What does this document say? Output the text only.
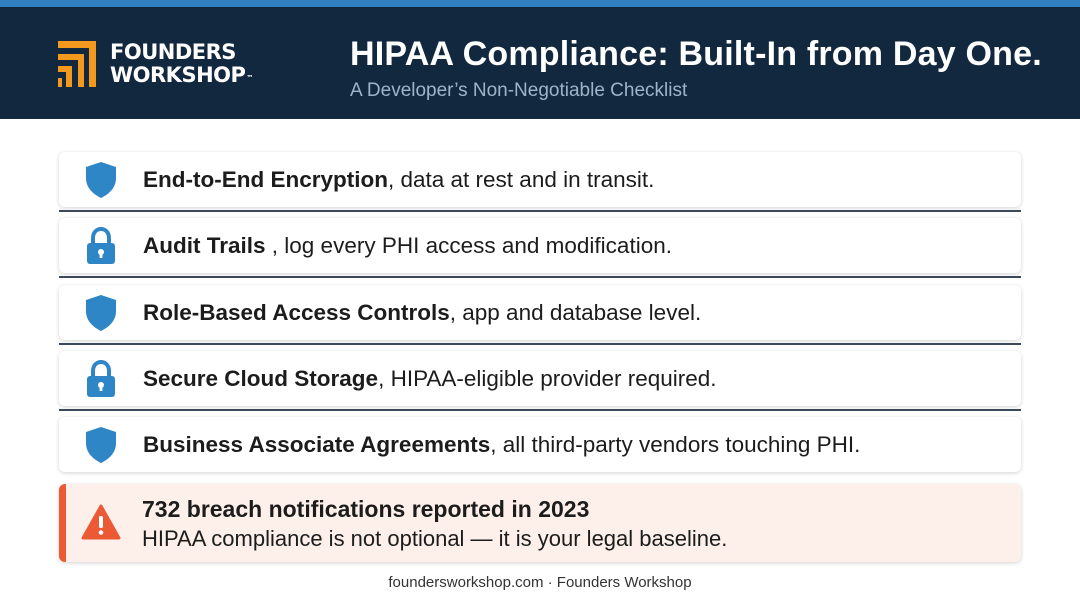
FOUNDERS
WORKSHOP™
HIPAA Compliance: Built-In from Day One.
A Developer’s Non-Negotiable Checklist
End-to-End Encryption, data at rest and in transit.
Audit Trails , log every PHI access and modification.
Role-Based Access Controls, app and database level.
Secure Cloud Storage, HIPAA-eligible provider required.
Business Associate Agreements, all third-party vendors touching PHI.
732 breach notifications reported in 2023
HIPAA compliance is not optional — it is your legal baseline.
foundersworkshop.com · Founders Workshop
